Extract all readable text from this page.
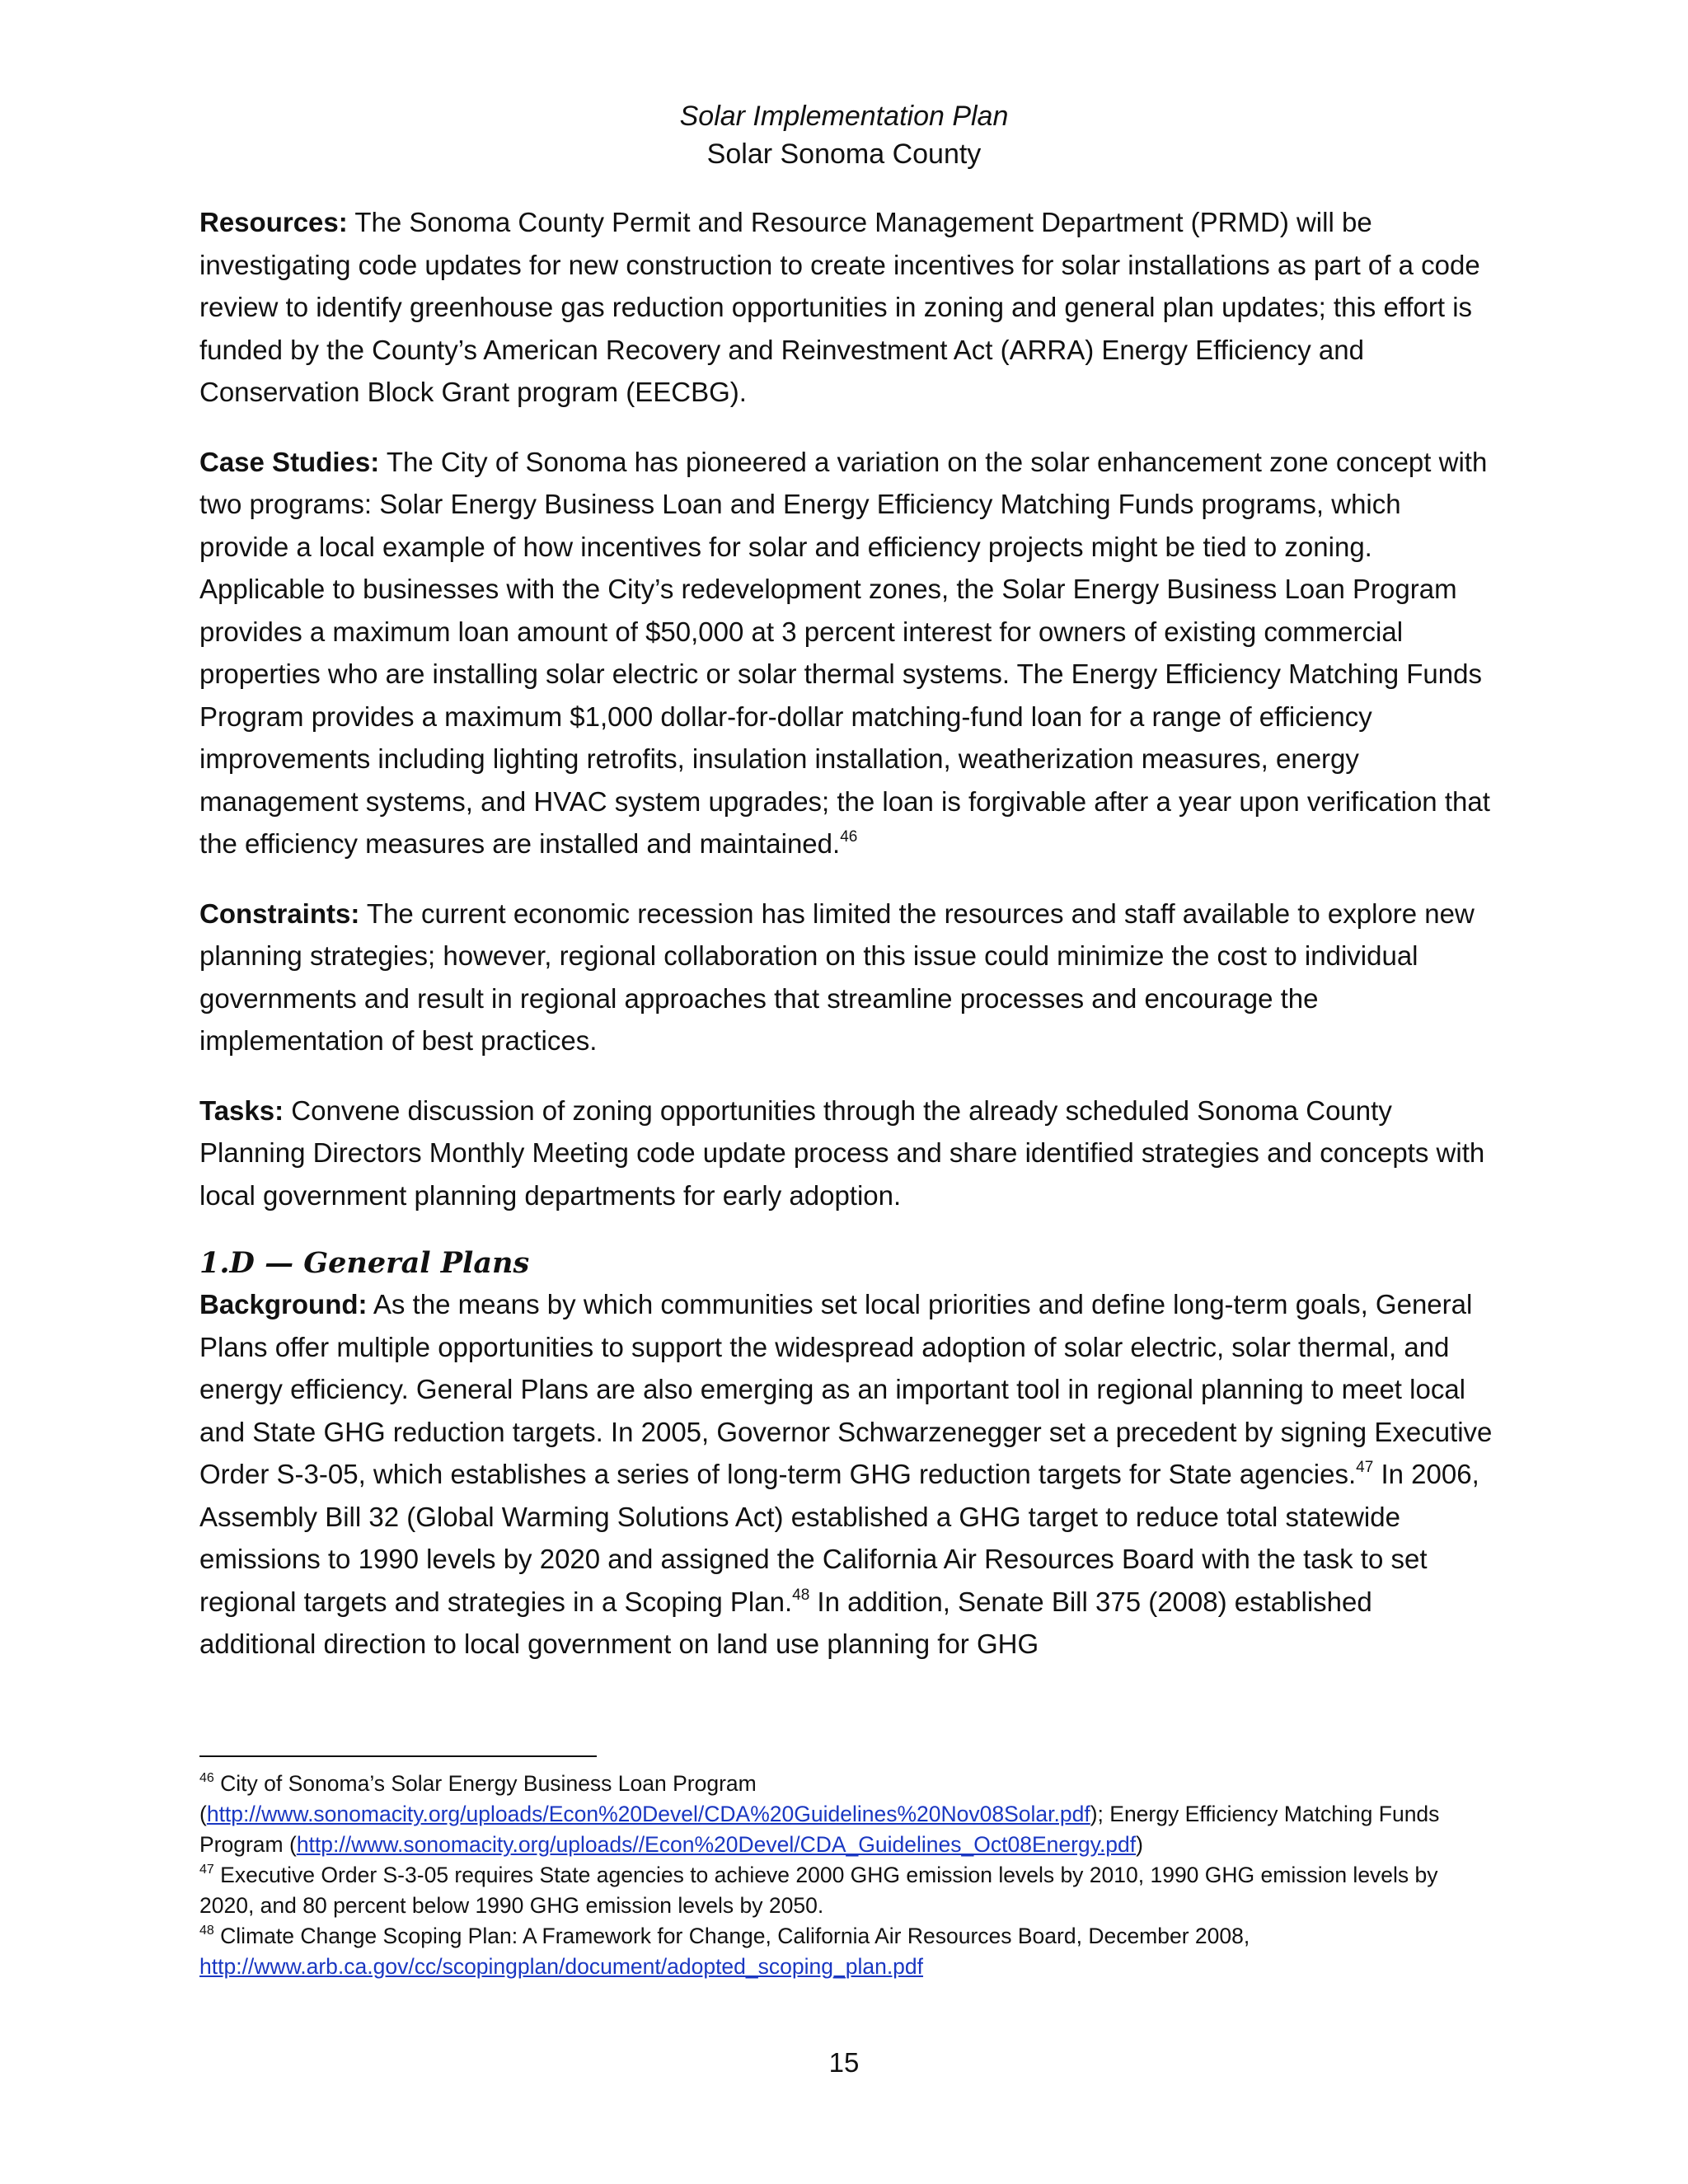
Solar Implementation Plan
Solar Sonoma County

Resources: The Sonoma County Permit and Resource Management Department (PRMD) will be investigating code updates for new construction to create incentives for solar installations as part of a code review to identify greenhouse gas reduction opportunities in zoning and general plan updates; this effort is funded by the County’s American Recovery and Reinvestment Act (ARRA) Energy Efficiency and Conservation Block Grant program (EECBG).

Case Studies: The City of Sonoma has pioneered a variation on the solar enhancement zone concept with two programs: Solar Energy Business Loan and Energy Efficiency Matching Funds programs, which provide a local example of how incentives for solar and efficiency projects might be tied to zoning. Applicable to businesses with the City’s redevelopment zones, the Solar Energy Business Loan Program provides a maximum loan amount of $50,000 at 3 percent interest for owners of existing commercial properties who are installing solar electric or solar thermal systems. The Energy Efficiency Matching Funds Program provides a maximum $1,000 dollar-for-dollar matching-fund loan for a range of efficiency improvements including lighting retrofits, insulation installation, weatherization measures, energy management systems, and HVAC system upgrades; the loan is forgivable after a year upon verification that the efficiency measures are installed and maintained.$^{46}$

Constraints: The current economic recession has limited the resources and staff available to explore new planning strategies; however, regional collaboration on this issue could minimize the cost to individual governments and result in regional approaches that streamline processes and encourage the implementation of best practices.

Tasks: Convene discussion of zoning opportunities through the already scheduled Sonoma County Planning Directors Monthly Meeting code update process and share identified strategies and concepts with local government planning departments for early adoption.

1.D — General Plans

Background: As the means by which communities set local priorities and define long-term goals, General Plans offer multiple opportunities to support the widespread adoption of solar electric, solar thermal, and energy efficiency. General Plans are also emerging as an important tool in regional planning to meet local and State GHG reduction targets. In 2005, Governor Schwarzenegger set a precedent by signing Executive Order S-3-05, which establishes a series of long-term GHG reduction targets for State agencies.$^{47}$ In 2006, Assembly Bill 32 (Global Warming Solutions Act) established a GHG target to reduce total statewide emissions to 1990 levels by 2020 and assigned the California Air Resources Board with the task to set regional targets and strategies in a Scoping Plan.$^{48}$ In addition, Senate Bill 375 (2008) established additional direction to local government on land use planning for GHG

$^{46}$ City of Sonoma’s Solar Energy Business Loan Program
(http://www.sonomacity.org/uploads/Econ%20Devel/CDA%20Guidelines%20Nov08Solar.pdf); Energy Efficiency Matching Funds Program (http://www.sonomacity.org/uploads//Econ%20Devel/CDA_Guidelines_Oct08Energy.pdf)

$^{47}$ Executive Order S-3-05 requires State agencies to achieve 2000 GHG emission levels by 2010, 1990 GHG emission levels by 2020, and 80 percent below 1990 GHG emission levels by 2050.

$^{48}$ Climate Change Scoping Plan: A Framework for Change, California Air Resources Board, December 2008,
http://www.arb.ca.gov/cc/scopingplan/document/adopted_scoping_plan.pdf

15
